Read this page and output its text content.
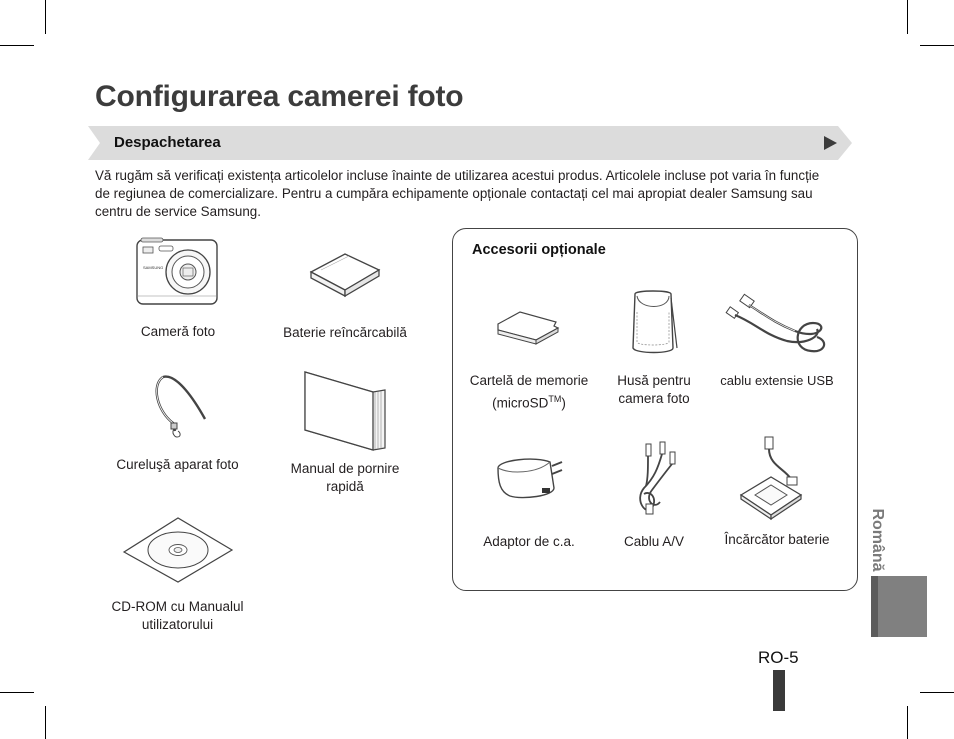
Configurarea camerei foto
Despachetarea

Vă rugăm să verificați existența articolelor incluse înainte de utilizarea acestui produs. Articolele incluse pot varia în funcție de regiunea de comercializare. Pentru a cumpăra echipamente opționale contactați cel mai apropiat dealer Samsung sau centru de service Samsung.

SAMSUNG
Cameră foto	Baterie reîncărcabilă
Cureluşă aparat foto	Manual de pornire rapidă
CD-ROM cu Manualul utilizatorului
Accesorii opționale
Cartelă de memorie (microSD™)
Husă pentru camera foto
cablu extensie USB
Adaptor de c.a.	Cablu A/V	Încărcător baterie	Română
RO-5
